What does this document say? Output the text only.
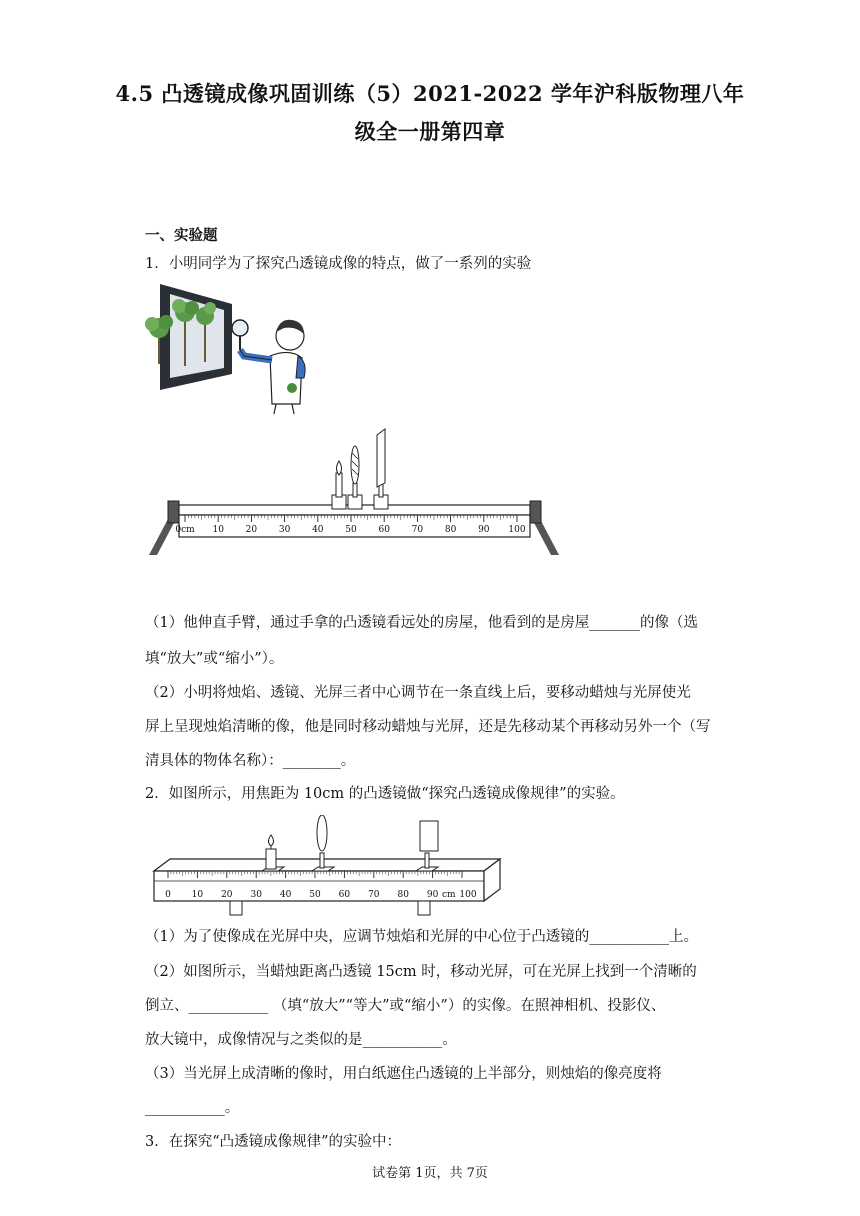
4.5 凸透镜成像巩固训练（5）2021-2022 学年沪科版物理八年
级全一册第四章
一、实验题
1．小明同学为了探究凸透镜成像的特点，做了一系列的实验
0cm 10 20 30 40 50 60 70 80 90 100
（1）他伸直手臂，通过手拿的凸透镜看远处的房屋，他看到的是房屋_______的像（选
填“放大”或“缩小”）。
（2）小明将烛焰、透镜、光屏三者中心调节在一条直线上后，要移动蜡烛与光屏使光
屏上呈现烛焰清晰的像，他是同时移动蜡烛与光屏，还是先移动某个再移动另外一个（写
清具体的物体名称）：________。
2．如图所示，用焦距为 10cm 的凸透镜做“探究凸透镜成像规律”的实验。
0 10 20 30 40 50 60 70 80 90 cm 100
（1）为了使像成在光屏中央，应调节烛焰和光屏的中心位于凸透镜的___________上。
（2）如图所示，当蜡烛距离凸透镜 15cm 时，移动光屏，可在光屏上找到一个清晰的
倒立、___________ （填“放大”“等大”或“缩小”）的实像。在照神相机、投影仪、
放大镜中，成像情况与之类似的是___________。
（3）当光屏上成清晰的像时，用白纸遮住凸透镜的上半部分，则烛焰的像亮度将
___________。
3．在探究“凸透镜成像规律”的实验中：
试卷第 1页，共 7页
